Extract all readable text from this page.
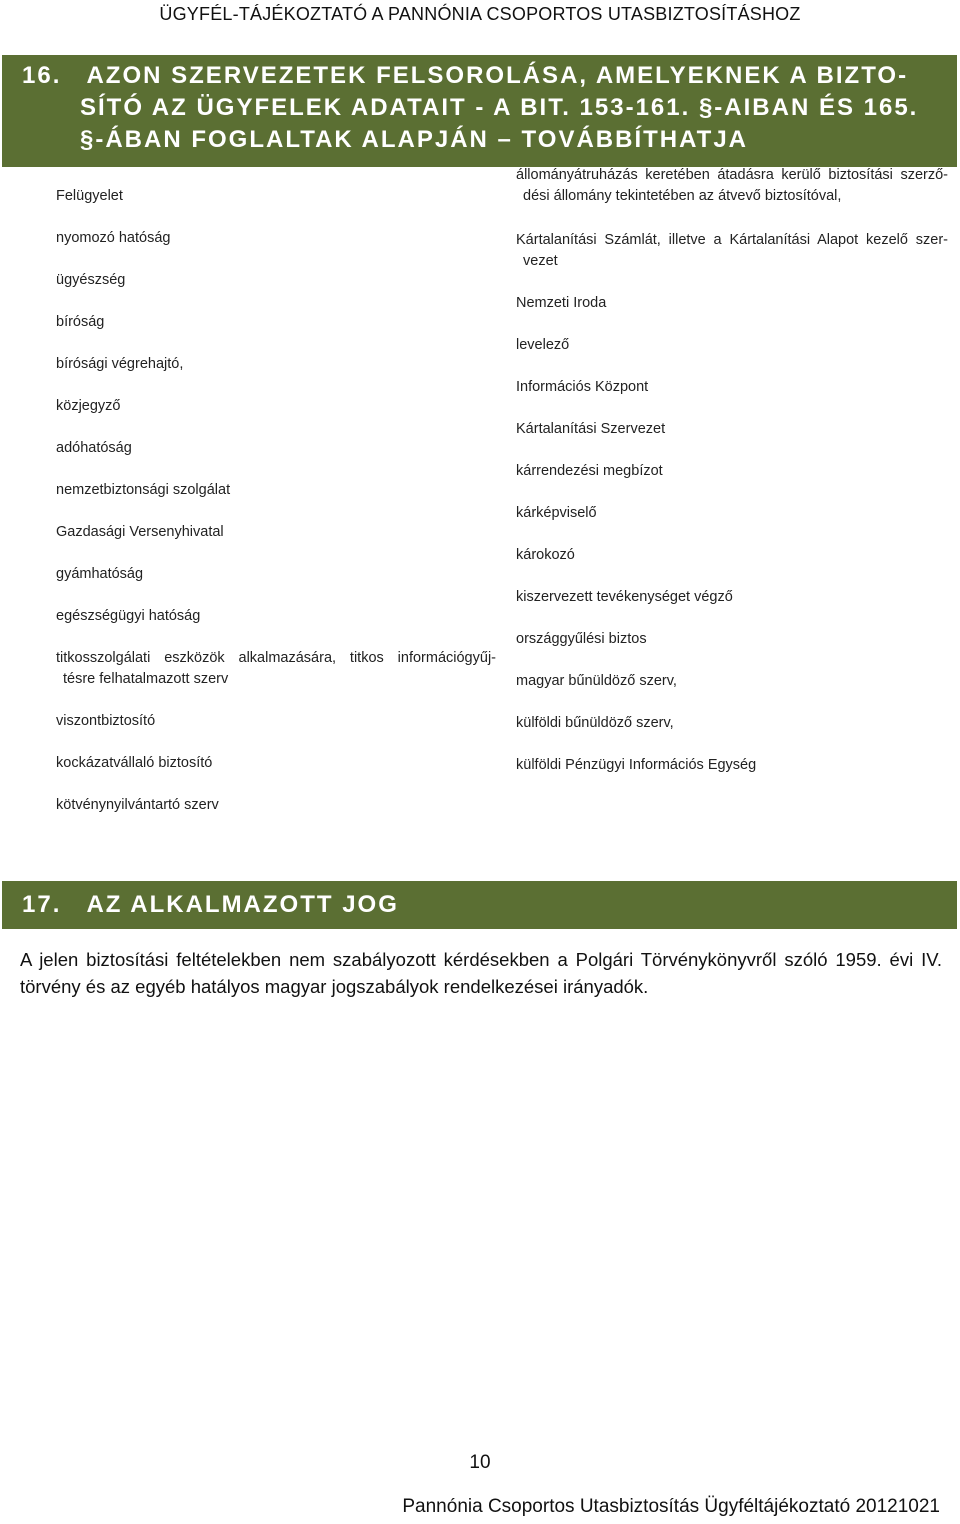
ÜGYFÉL-TÁJÉKOZTATÓ A PANNÓNIA CSOPORTOS UTASBIZTOSÍTÁSHOZ
16.   AZON SZERVEZETEK FELSOROLÁSA, AMELYEKNEK A BIZTO-
SÍTÓ AZ ÜGYFELEK ADATAIT - A BIT. 153-161. §-AIBAN ÉS 165.
§-ÁBAN FOGLALTAK ALAPJÁN – TOVÁBBÍTHATJA
Felügyelet
nyomozó hatóság
ügyészség
bíróság
bírósági végrehajtó,
közjegyző
adóhatóság
nemzetbiztonsági szolgálat
Gazdasági Versenyhivatal
gyámhatóság
egészségügyi hatóság
titkosszolgálati eszközök alkalmazására, titkos információgyűj-
tésre felhatalmazott szerv
viszontbiztosító
kockázatvállaló biztosító
kötvénynyilvántartó szerv
állományátruházás keretében átadásra kerülő biztosítási szerző-
dési állomány tekintetében az átvevő biztosítóval,
Kártalanítási Számlát, illetve a Kártalanítási Alapot kezelő szer-
vezet
Nemzeti Iroda
levelező
Információs Központ
Kártalanítási Szervezet
kárrendezési megbízot
kárképviselő
károkozó
kiszervezett tevékenységet végző
országgyűlési biztos
magyar bűnüldöző szerv,
külföldi bűnüldöző szerv,
külföldi Pénzügyi Információs Egység
17.   AZ ALKALMAZOTT JOG
A jelen biztosítási feltételekben nem szabályozott kérdésekben a Polgári Törvénykönyvről szóló 1959. évi IV.
törvény és az egyéb hatályos magyar jogszabályok rendelkezései irányadók.
10
Pannónia Csoportos Utasbiztosítás Ügyféltájékoztató 20121021
